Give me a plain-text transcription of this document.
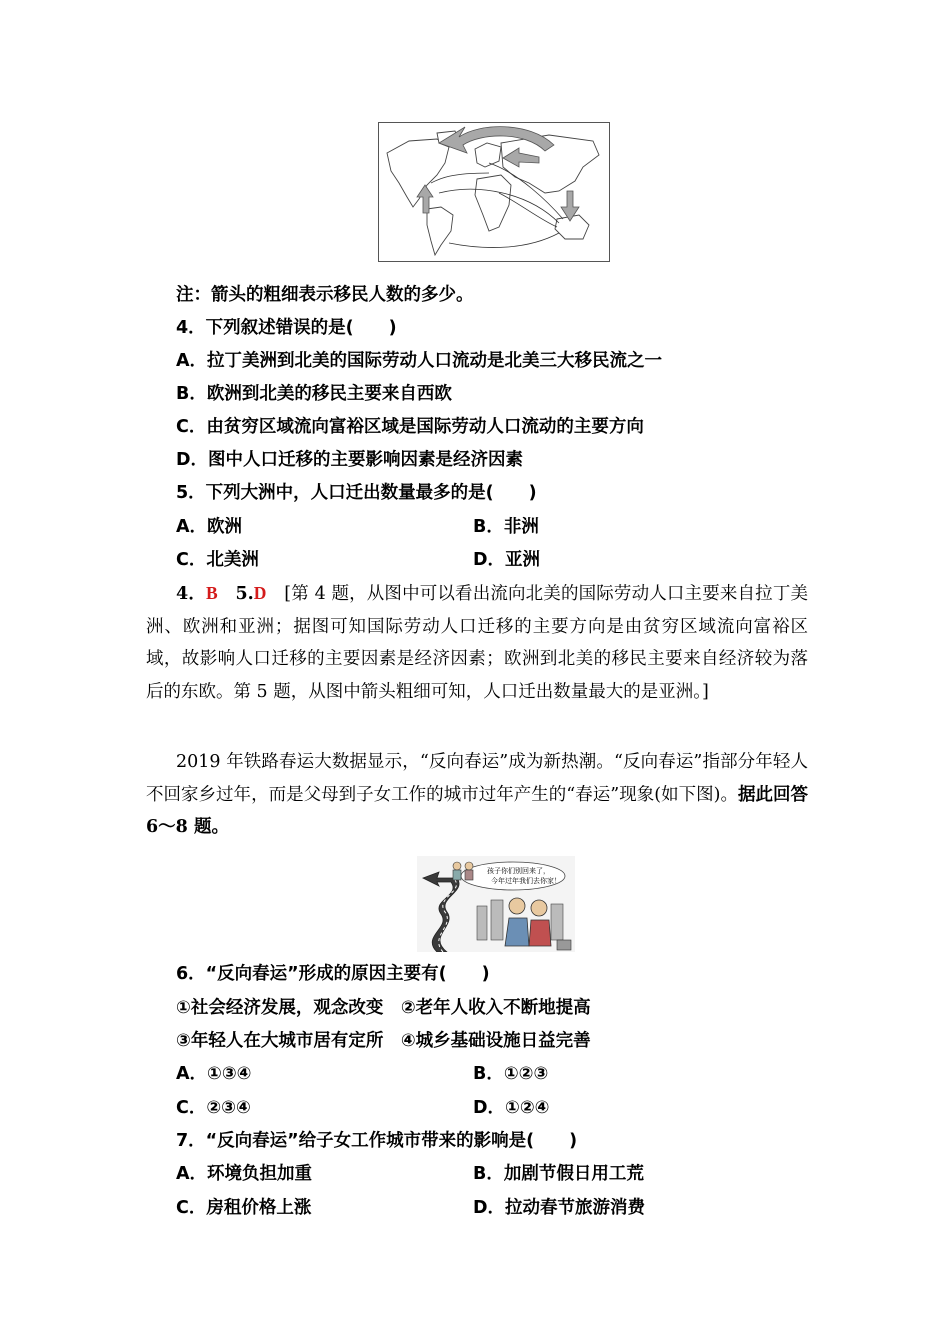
注：箭头的粗细表示移民人数的多少。
4．下列叙述错误的是(　　)
A．拉丁美洲到北美的国际劳动人口流动是北美三大移民流之一
B．欧洲到北美的移民主要来自西欧
C．由贫穷区域流向富裕区域是国际劳动人口流动的主要方向
D．图中人口迁移的主要影响因素是经济因素
5．下列大洲中，人口迁出数量最多的是(　　)
A．欧洲	B．非洲
C．北美洲	D．亚洲
4．B　5.D　[第 4 题，从图中可以看出流向北美的国际劳动人口主要来自拉丁美洲、欧洲和亚洲；据图可知国际劳动人口迁移的主要方向是由贫穷区域流向富裕区域，故影响人口迁移的主要因素是经济因素；欧洲到北美的移民主要来自经济较为落后的东欧。第 5 题，从图中箭头粗细可知，人口迁出数量最大的是亚洲。]
2019 年铁路春运大数据显示，“反向春运”成为新热潮。“反向春运”指部分年轻人不回家乡过年，而是父母到子女工作的城市过年产生的“春运”现象(如下图)。据此回答 6～8 题。
孩子你们别回来了，
今年过年我们去你家！
6．“反向春运”形成的原因主要有(　　)
①社会经济发展，观念改变　②老年人收入不断地提高
③年轻人在大城市居有定所　④城乡基础设施日益完善
A．①③④	B．①②③
C．②③④	D．①②④
7．“反向春运”给子女工作城市带来的影响是(　　)
A．环境负担加重	B．加剧节假日用工荒
C．房租价格上涨	D．拉动春节旅游消费
